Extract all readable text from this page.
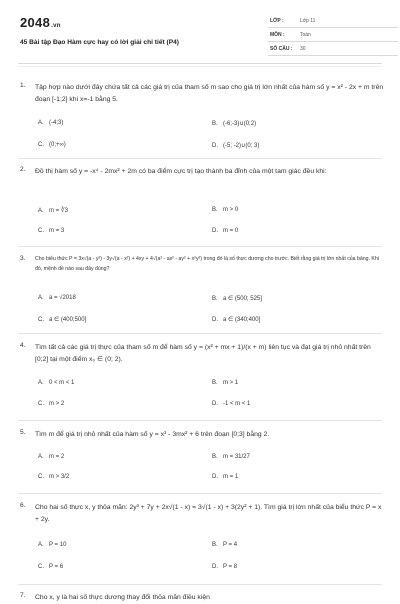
2048.vn
45 Bài tập Đạo Hàm cực hay có lời giải chi tiết (P4)
LỚP :	Lớp 11
MÔN :	Toán
SỐ CÂU : 30
1. Tập hợp nào dưới đây chứa tất cả các giá trị của tham số m sao cho giá trị lớn nhất của hàm số y = x² - 2x + m trên đoạn [-1;2] khi x=-1 bằng 5.
A. (-4;3)	B. (-6;-3)∪(0;2)
C. (0;+∞)	D. (-5; -2)∪(0; 3)
2. Đồ thị hàm số y = -x⁴ - 2mx² + 2m có ba điểm cực trị tạo thành ba đỉnh của một tam giác đều khi:
A. m = ∛3	B. m > 0
C. m = 3	D. m = 0
3. Cho biểu thức P = 3x√(a - y²) - 3y√(a - x²) + 4xy + 4√(a² - ax² - ay² + x²y²) trong đó là số thực dương cho trước. Biết rằng giá trị lớn nhất của bảng. Khi đó, mệnh đề nào sau đây đúng?
A. a = √2018	B. a ∈ (500; 525]
C. a ∈ (400;500]	D. a ∈ (340;400]
4. Tìm tất cả các giá trị thực của tham số m để hàm số y = (x² + mx + 1)/(x + m) liên tục và đạt giá trị nhỏ nhất trên [0;2] tại một điểm x₀ ∈ (0; 2).
A. 0 < m < 1	B. m > 1
C. m > 2	D. -1 < m < 1
5. Tìm m để giá trị nhỏ nhất của hàm số y = x³ - 3mx² + 6 trên đoạn [0;3] bằng 2.
A. m = 2	B. m = 31/27
C. m > 3/2	D. m = 1
6. Cho hai số thực x, y thỏa mãn: 2y³ + 7y + 2x√(1 - x) = 3√(1 - x) + 3(2y² + 1). Tìm giá trị lớn nhất của biểu thức P = x + 2y.
A. P = 10	B. P = 4
C. P = 6	D. P = 8
7. Cho x, y là hai số thực dương thay đổi thỏa mãn điều kiện
